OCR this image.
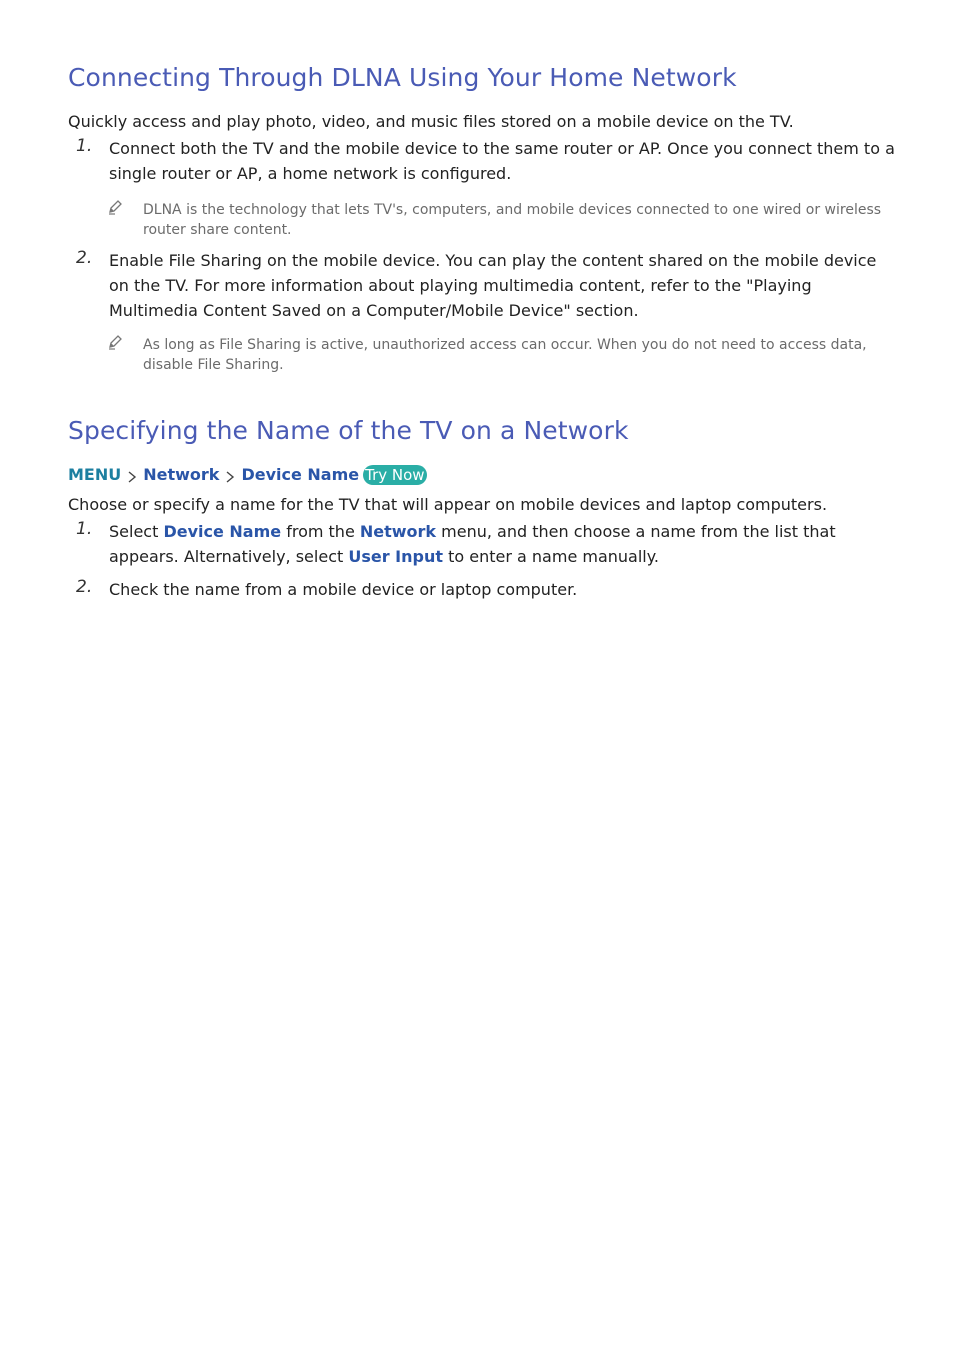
Connecting Through DLNA Using Your Home Network

Quickly access and play photo, video, and music files stored on a mobile device on the TV.

1. Connect both the TV and the mobile device to the same router or AP. Once you connect them to a single router or AP, a home network is configured.

DLNA is the technology that lets TV's, computers, and mobile devices connected to one wired or wireless router share content.

2. Enable File Sharing on the mobile device. You can play the content shared on the mobile device on the TV. For more information about playing multimedia content, refer to the "Playing Multimedia Content Saved on a Computer/Mobile Device" section.

As long as File Sharing is active, unauthorized access can occur. When you do not need to access data, disable File Sharing.

Specifying the Name of the TV on a Network
MENU Network Device Name Try Now

Choose or specify a name for the TV that will appear on mobile devices and laptop computers.

1. Select Device Name from the Network menu, and then choose a name from the list that appears. Alternatively, select User Input to enter a name manually.

2. Check the name from a mobile device or laptop computer.
